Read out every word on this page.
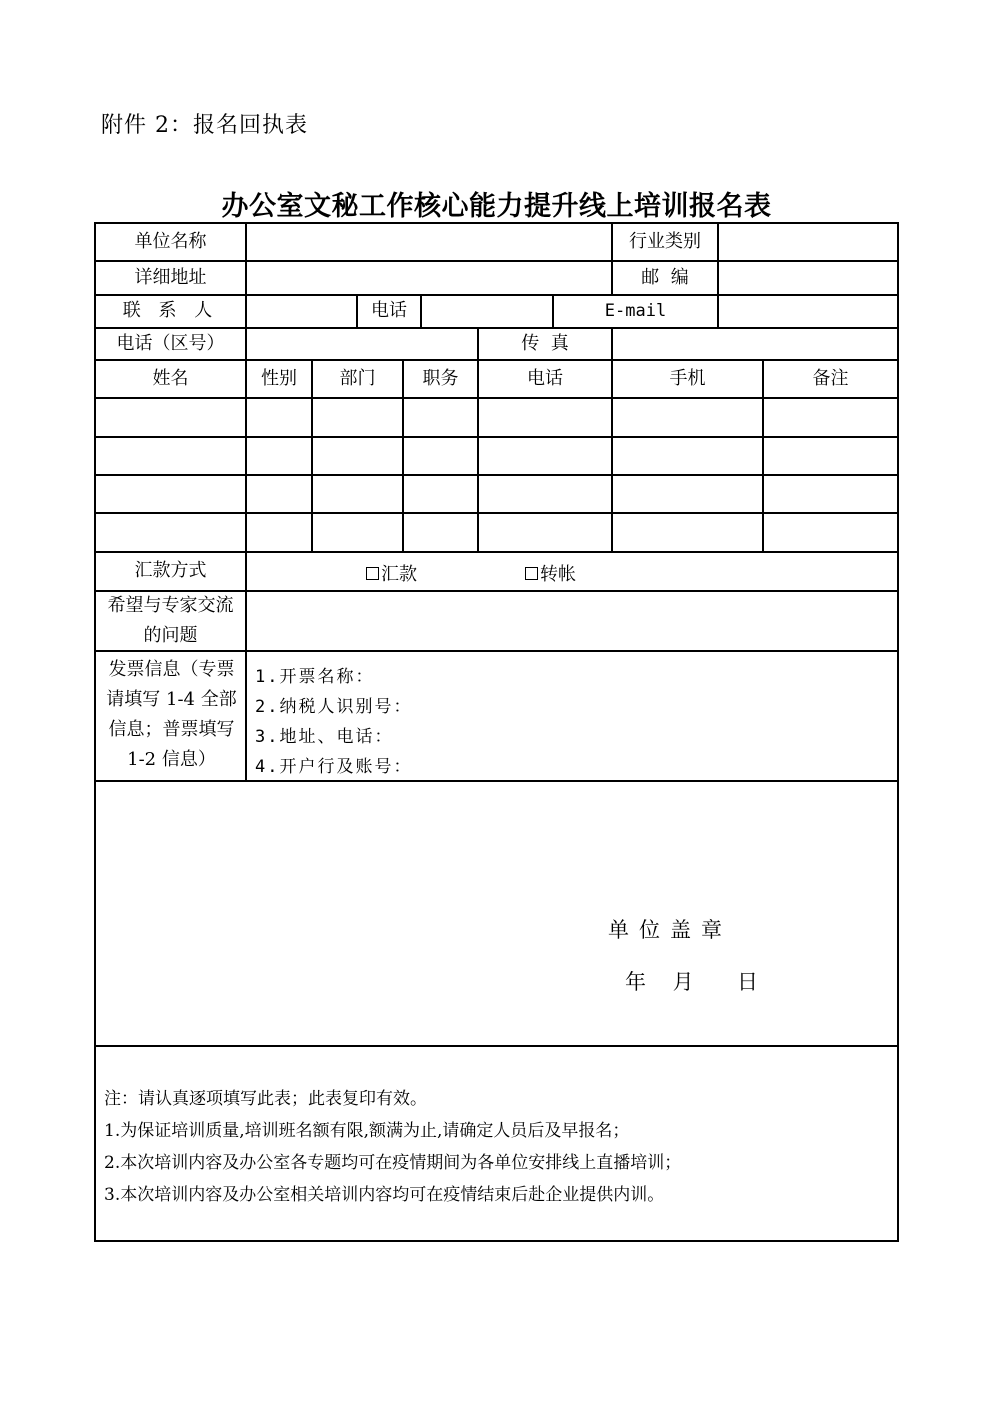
附件 2：报名回执表
办公室文秘工作核心能力提升线上培训报名表
单位名称	行业类别
详细地址	邮  编
联 系 人	电话	E-mail
电话（区号）	传  真
姓名	性别	部门	职务	电话	手机	备注
汇款方式	汇款	转帐
希望与专家交流的问题
发票信息（专票请填写 1-4 全部信息；普票填写 1-2 信息）
1.开票名称：
2.纳税人识别号：
3.地址、电话：
4.开户行及账号：
单位盖章
年 月  日
注：请认真逐项填写此表；此表复印有效。
1.为保证培训质量,培训班名额有限,额满为止,请确定人员后及早报名；
2.本次培训内容及办公室各专题均可在疫情期间为各单位安排线上直播培训；
3.本次培训内容及办公室相关培训内容均可在疫情结束后赴企业提供内训。
